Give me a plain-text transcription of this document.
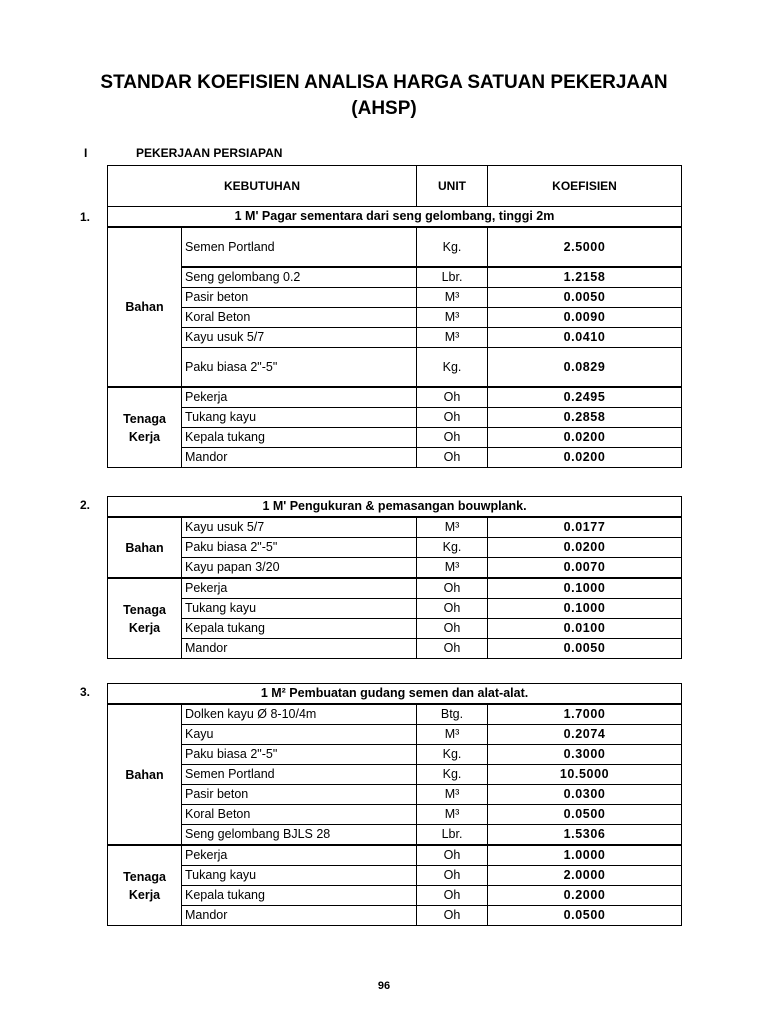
STANDAR KOEFISIEN ANALISA HARGA SATUAN PEKERJAAN
(AHSP)
I	PEKERJAAN PERSIAPAN
1.
KEBUTUHAN		UNIT	KOEFISIEN
1 M' Pagar sementara dari seng gelombang, tinggi 2m			
Bahan	Semen Portland	Kg.	2.5000
	Seng gelombang 0.2	Lbr.	1.2158
	Pasir beton	M³	0.0050
	Koral Beton	M³	0.0090
	Kayu usuk 5/7	M³	0.0410
	Paku biasa 2"-5"	Kg.	0.0829
Tenaga
Kerja	Pekerja	Oh	0.2495
	Tukang kayu	Oh	0.2858
	Kepala tukang	Oh	0.0200
	Mandor	Oh	0.0200
2.	1 M' Pengukuran & pemasangan bouwplank.			
Bahan	Kayu usuk 5/7	M³	0.0177
	Paku biasa 2"-5"	Kg.	0.0200
	Kayu papan 3/20	M³	0.0070
Tenaga
Kerja	Pekerja	Oh	0.1000
	Tukang kayu	Oh	0.1000
	Kepala tukang	Oh	0.0100
	Mandor	Oh	0.0050
3.	1 M² Pembuatan gudang semen dan alat-alat.			
Bahan	Dolken kayu Ø 8-10/4m	Btg.	1.7000
	Kayu	M³	0.2074
	Paku biasa 2"-5"	Kg.	0.3000
	Semen Portland	Kg.	10.5000
	Pasir beton	M³	0.0300
	Koral Beton	M³	0.0500
	Seng gelombang BJLS 28	Lbr.	1.5306
Tenaga
Kerja	Pekerja	Oh	1.0000
	Tukang kayu	Oh	2.0000
	Kepala tukang	Oh	0.2000
	Mandor	Oh	0.0500
96
